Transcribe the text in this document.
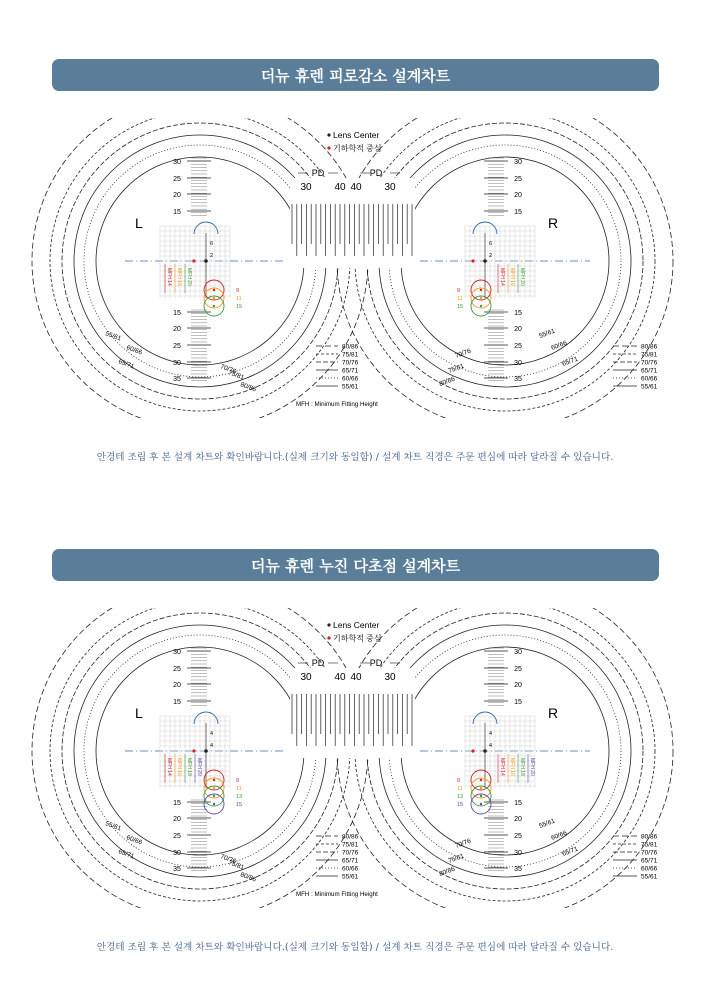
더뉴 휴렌 피로감소 설계차트
30 40 40 30
PD	PD
Lens Center
기하학적 중심
L	R
30
25
20
15
15
20
25
30
35
30
25
20
15
15
20
25
30
35
6
2
MFH 14 MFH 16 MFH 20
9
11
15
6
2
MFH 14 MFH 16 MFH 20
9
11
15
55/61
60/66
65/71	70/76
75/81
80/86
55/61
60/66
65/71
70/76
75/81
80/86
80/86
75/81
70/76
65/71
60/66
55/61
80/86
75/81
70/76
65/71
60/66
55/61
MFH : Minimum Fitting Height
안경테 조립 후 본 설계 차트와 확인바랍니다.(실제 크기와 동일함) / 설계 차트 직경은 주문 편심에 따라 달라질 수 있습니다.
더뉴 휴렌 누진 다초점 설계차트
30 40 40 30
PD	PD
Lens Center
기하학적 중심
L	R
30
25
20
15
15
20
25
30
35
30
25
20
15
15
20
25
30
35
4
4
MFH 14 MFH 16 MFH 18 MFH 20
9
11
13
15
4
4
MFH 14 MFH 16 MFH 18 MFH 20
9
11
13
15
55/61
60/66
65/71	70/76
75/81
80/86
55/61
60/66
65/71
70/76
75/81
80/86
80/86
75/81
70/76
65/71
60/66
55/61
80/86
75/81
70/76
65/71
60/66
55/61
MFH : Minimum Fitting Height
안경테 조립 후 본 설계 차트와 확인바랍니다.(실제 크기와 동일함) / 설계 차트 직경은 주문 편심에 따라 달라질 수 있습니다.
